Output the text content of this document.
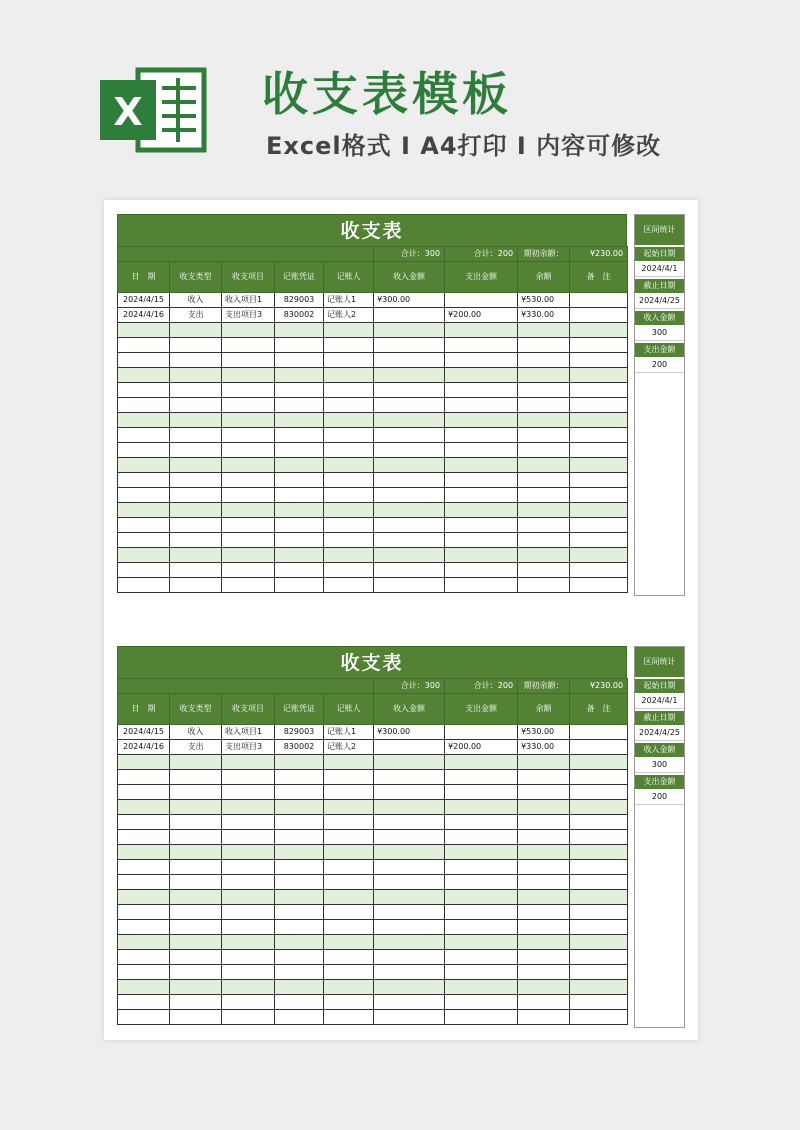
X	收支表模板
Excel格式 I A4打印 I 内容可修改
收支表
					合计：300	合计：200	期初余额：	¥230.00
日　期	收支类型	收支项目	记账凭证	记账人	收入金额	支出金额	余额	备　注
2024/4/15	收入	收入项目1	829003	记账人1	¥300.00		¥530.00	
2024/4/16	支出	支出项目3	830002	记账人2		¥200.00	¥330.00	

区间统计
起始日期
2024/4/1
截止日期
2024/4/25
收入金额
300
支出金额
200
收支表
					合计：300	合计：200	期初余额：	¥230.00
日　期	收支类型	收支项目	记账凭证	记账人	收入金额	支出金额	余额	备　注
2024/4/15	收入	收入项目1	829003	记账人1	¥300.00		¥530.00	
2024/4/16	支出	支出项目3	830002	记账人2		¥200.00	¥330.00	

区间统计
起始日期
2024/4/1
截止日期
2024/4/25
收入金额
300
支出金额
200
